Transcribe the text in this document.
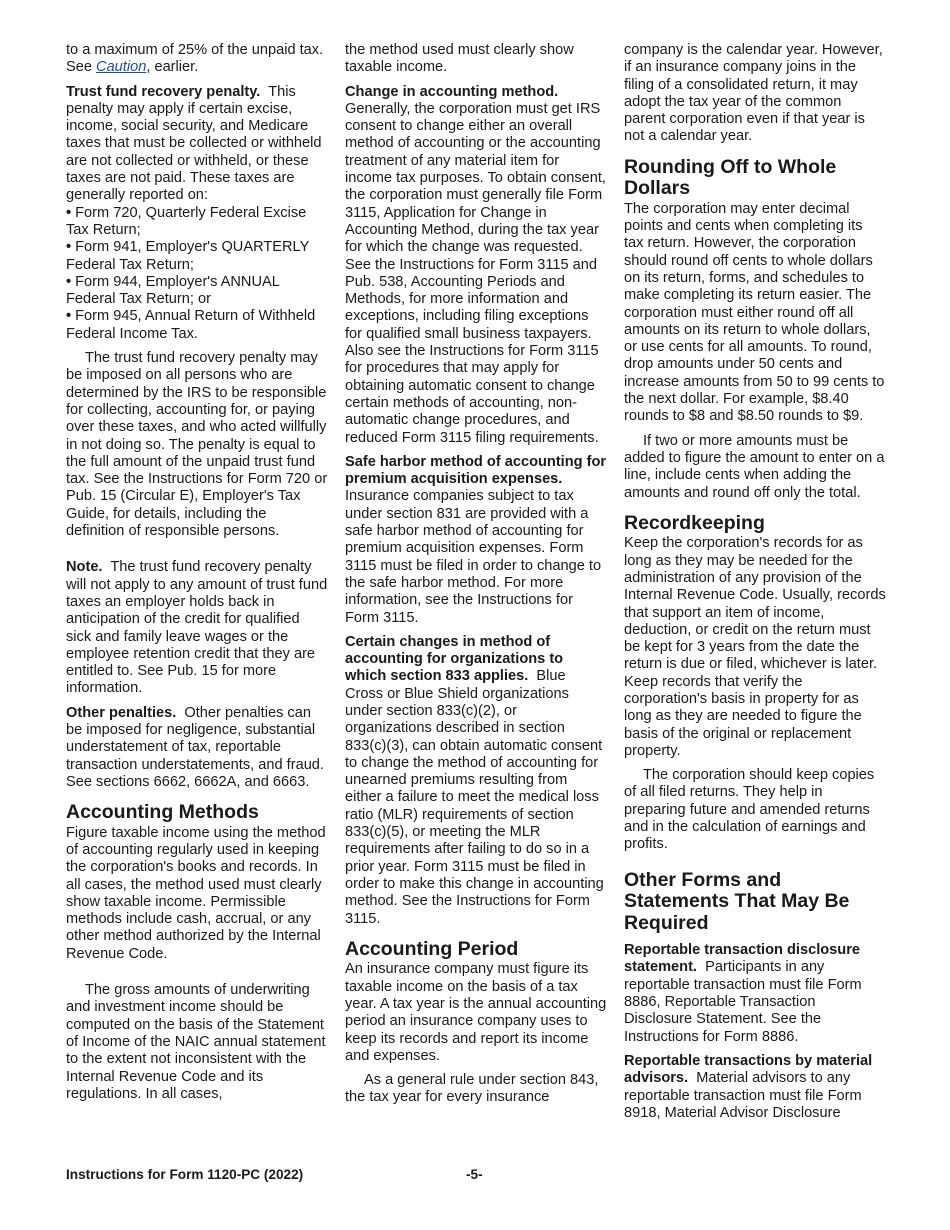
to a maximum of 25% of the unpaid tax. See Caution, earlier.

Trust fund recovery penalty. This penalty may apply if certain excise, income, social security, and Medicare taxes that must be collected or withheld are not collected or withheld, or these taxes are not paid. These taxes are generally reported on:

• Form 720, Quarterly Federal Excise Tax Return;

• Form 941, Employer's QUARTERLY Federal Tax Return;

• Form 944, Employer's ANNUAL Federal Tax Return; or

• Form 945, Annual Return of Withheld Federal Income Tax.

The trust fund recovery penalty may be imposed on all persons who are determined by the IRS to be responsible for collecting, accounting for, or paying over these taxes, and who acted willfully in not doing so. The penalty is equal to the full amount of the unpaid trust fund tax. See the Instructions for Form 720 or Pub. 15 (Circular E), Employer's Tax Guide, for details, including the definition of responsible persons.

Note. The trust fund recovery penalty will not apply to any amount of trust fund taxes an employer holds back in anticipation of the credit for qualified sick and family leave wages or the employee retention credit that they are entitled to. See Pub. 15 for more information.

Other penalties. Other penalties can be imposed for negligence, substantial understatement of tax, reportable transaction understatements, and fraud. See sections 6662, 6662A, and 6663.

Accounting Methods

Figure taxable income using the method of accounting regularly used in keeping the corporation's books and records. In all cases, the method used must clearly show taxable income. Permissible methods include cash, accrual, or any other method authorized by the Internal Revenue Code.

The gross amounts of underwriting and investment income should be computed on the basis of the Statement of Income of the NAIC annual statement to the extent not inconsistent with the Internal Revenue Code and its regulations. In all cases,

the method used must clearly show taxable income.

Change in accounting method.
Generally, the corporation must get IRS consent to change either an overall method of accounting or the accounting treatment of any material item for income tax purposes. To obtain consent, the corporation must generally file Form 3115, Application for Change in Accounting Method, during the tax year for which the change was requested. See the Instructions for Form 3115 and Pub. 538, Accounting Periods and Methods, for more information and exceptions, including filing exceptions for qualified small business taxpayers. Also see the Instructions for Form 3115 for procedures that may apply for obtaining automatic consent to change certain methods of accounting, non-automatic change procedures, and reduced Form 3115 filing requirements.

Safe harbor method of accounting for premium acquisition expenses. Insurance companies subject to tax under section 831 are provided with a safe harbor method of accounting for premium acquisition expenses. Form 3115 must be filed in order to change to the safe harbor method. For more information, see the Instructions for Form 3115.

Certain changes in method of accounting for organizations to which section 833 applies. Blue Cross or Blue Shield organizations under section 833(c)(2), or organizations described in section 833(c)(3), can obtain automatic consent to change the method of accounting for unearned premiums resulting from either a failure to meet the medical loss ratio (MLR) requirements of section 833(c)(5), or meeting the MLR requirements after failing to do so in a prior year. Form 3115 must be filed in order to make this change in accounting method. See the Instructions for Form 3115.

Accounting Period

An insurance company must figure its taxable income on the basis of a tax year. A tax year is the annual accounting period an insurance company uses to keep its records and report its income and expenses.

As a general rule under section 843, the tax year for every insurance

company is the calendar year. However, if an insurance company joins in the filing of a consolidated return, it may adopt the tax year of the common parent corporation even if that year is not a calendar year.

Rounding Off to Whole Dollars

The corporation may enter decimal points and cents when completing its tax return. However, the corporation should round off cents to whole dollars on its return, forms, and schedules to make completing its return easier. The corporation must either round off all amounts on its return to whole dollars, or use cents for all amounts. To round, drop amounts under 50 cents and increase amounts from 50 to 99 cents to the next dollar. For example, $8.40 rounds to $8 and $8.50 rounds to $9.

If two or more amounts must be added to figure the amount to enter on a line, include cents when adding the amounts and round off only the total.

Recordkeeping

Keep the corporation's records for as long as they may be needed for the administration of any provision of the Internal Revenue Code. Usually, records that support an item of income, deduction, or credit on the return must be kept for 3 years from the date the return is due or filed, whichever is later. Keep records that verify the corporation's basis in property for as long as they are needed to figure the basis of the original or replacement property.

The corporation should keep copies of all filed returns. They help in preparing future and amended returns and in the calculation of earnings and profits.

Other Forms and Statements That May Be Required

Reportable transaction disclosure statement. Participants in any reportable transaction must file Form 8886, Reportable Transaction Disclosure Statement. See the Instructions for Form 8886.

Reportable transactions by material advisors. Material advisors to any reportable transaction must file Form 8918, Material Advisor Disclosure

Instructions for Form 1120-PC (2022)	-5-
